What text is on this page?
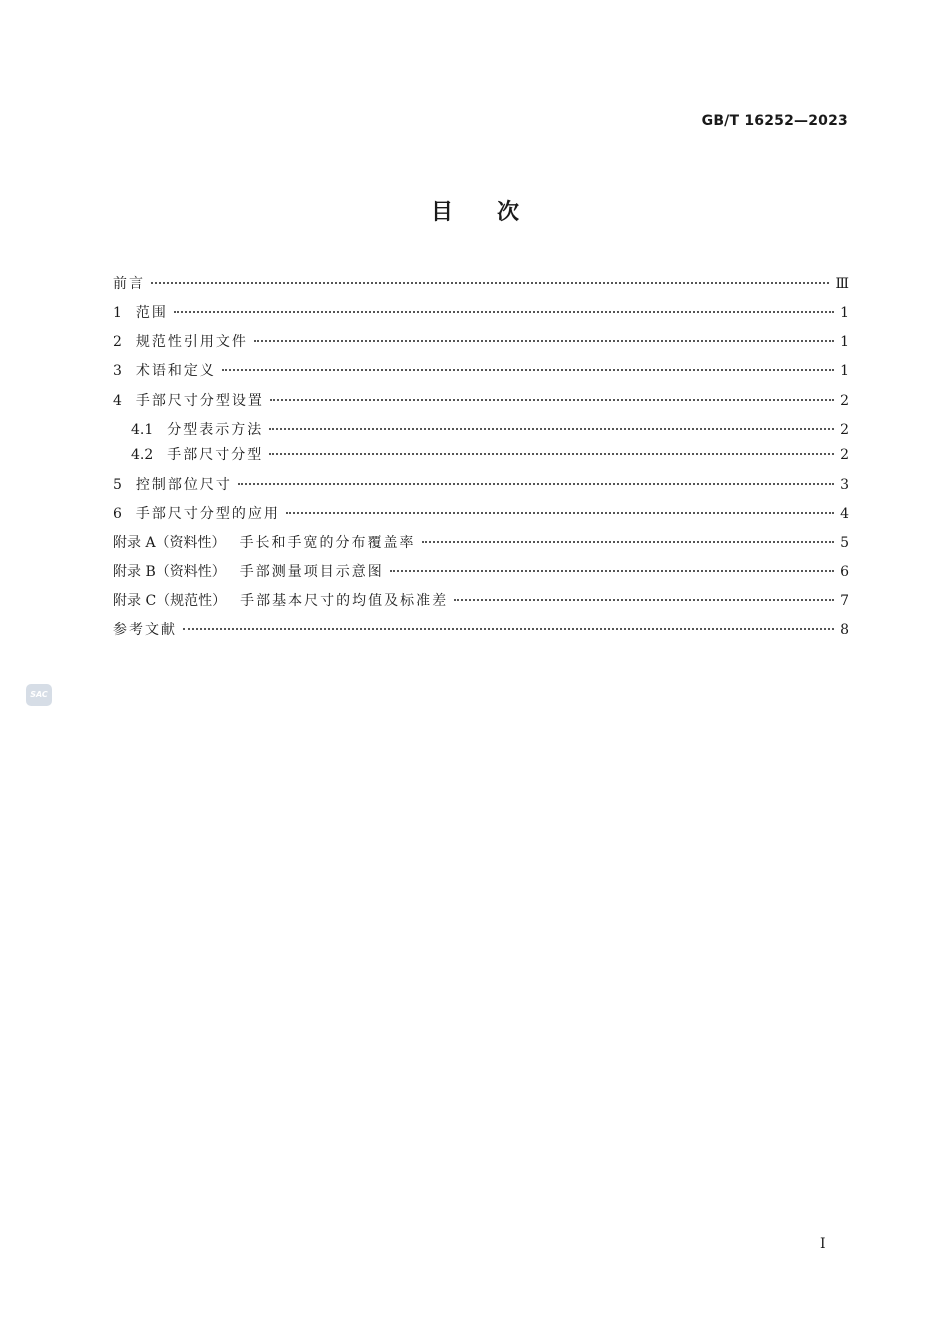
GB/T 16252—2023
目次
前言	Ⅲ
1 范围	1
2 规范性引用文件	1
3 术语和定义	1
4 手部尺寸分型设置	2
4.1 分型表示方法	2
4.2 手部尺寸分型	2
5 控制部位尺寸	3
6 手部尺寸分型的应用	4
附录 A（资料性） 手长和手宽的分布覆盖率	5
附录 B（资料性） 手部测量项目示意图	6
附录 C（规范性） 手部基本尺寸的均值及标准差	7
参考文献	8
SAC
I
